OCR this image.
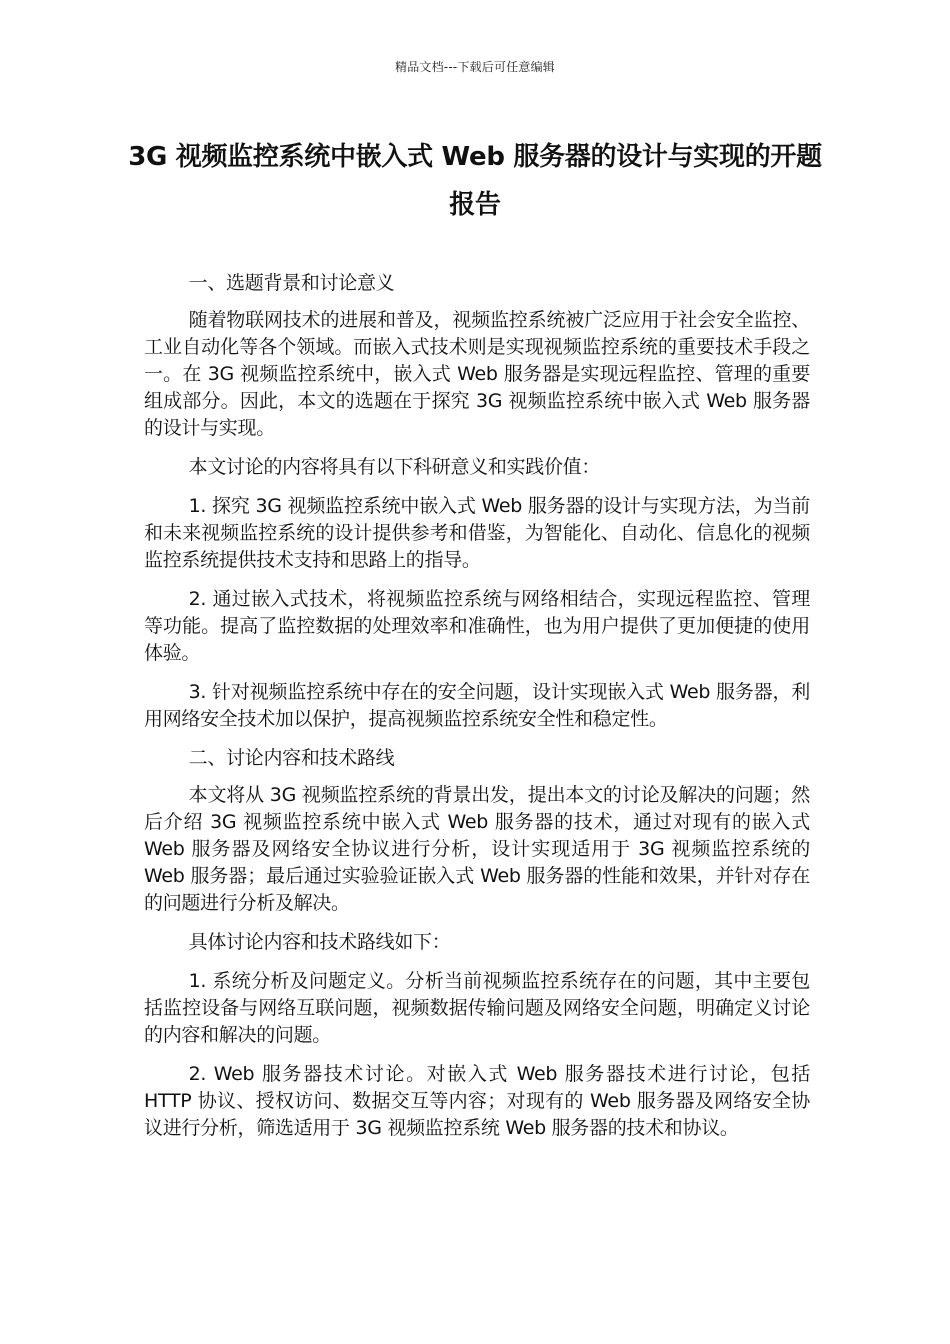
精品文档---下载后可任意编辑
3G 视频监控系统中嵌入式 Web 服务器的设计与实现的开题报告

一、选题背景和讨论意义

随着物联网技术的进展和普及，视频监控系统被广泛应用于社会安全监控、工业自动化等各个领域。而嵌入式技术则是实现视频监控系统的重要技术手段之一。在 3G 视频监控系统中，嵌入式 Web 服务器是实现远程监控、管理的重要组成部分。因此，本文的选题在于探究 3G 视频监控系统中嵌入式 Web 服务器的设计与实现。

本文讨论的内容将具有以下科研意义和实践价值：

1. 探究 3G 视频监控系统中嵌入式 Web 服务器的设计与实现方法，为当前和未来视频监控系统的设计提供参考和借鉴，为智能化、自动化、信息化的视频监控系统提供技术支持和思路上的指导。

2. 通过嵌入式技术，将视频监控系统与网络相结合，实现远程监控、管理等功能。提高了监控数据的处理效率和准确性，也为用户提供了更加便捷的使用体验。

3. 针对视频监控系统中存在的安全问题，设计实现嵌入式 Web 服务器，利用网络安全技术加以保护，提高视频监控系统安全性和稳定性。

二、讨论内容和技术路线

本文将从 3G 视频监控系统的背景出发，提出本文的讨论及解决的问题；然后介绍 3G 视频监控系统中嵌入式 Web 服务器的技术，通过对现有的嵌入式 Web 服务器及网络安全协议进行分析，设计实现适用于 3G 视频监控系统的 Web 服务器；最后通过实验验证嵌入式 Web 服务器的性能和效果，并针对存在的问题进行分析及解决。

具体讨论内容和技术路线如下：

1. 系统分析及问题定义。分析当前视频监控系统存在的问题，其中主要包括监控设备与网络互联问题，视频数据传输问题及网络安全问题，明确定义讨论的内容和解决的问题。

2. Web 服务器技术讨论。对嵌入式 Web 服务器技术进行讨论，包括 HTTP 协议、授权访问、数据交互等内容；对现有的 Web 服务器及网络安全协议进行分析，筛选适用于 3G 视频监控系统 Web 服务器的技术和协议。
